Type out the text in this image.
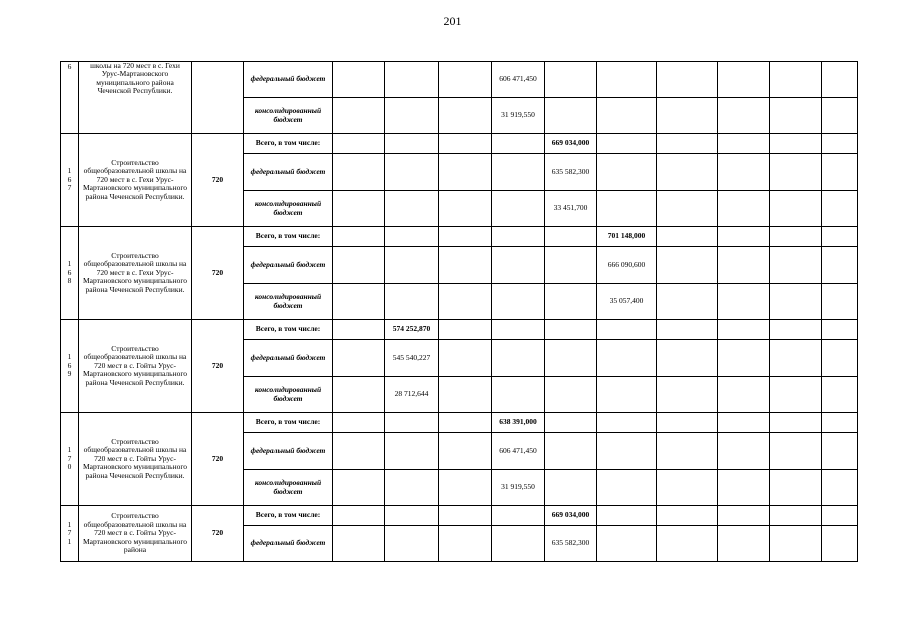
201
6	школы на 720 мест в с. Гехи Урус-Мартановского муниципального района Чеченской Республики.		федеральный бюджет				606 471,450						
			консолидированный бюджет				31 919,550						

1
6
7	Строительство общеобразовательной школы на 720 мест в с. Гехи Урус-Мартановского муниципального района Чеченской Республики.	720	Всего, в том числе:					669 034,000					
			федеральный бюджет					635 582,300					
			консолидированный бюджет					33 451,700					

1
6
8	Строительство общеобразовательной школы на 720 мест в с. Гехи Урус-Мартановского муниципального района Чеченской Республики.	720	Всего, в том числе:						701 148,000				
			федеральный бюджет						666 090,600				
			консолидированный бюджет						35 057,400				

1
6
9	Строительство общеобразовательной школы на 720 мест в с. Гойты Урус-Мартановского муниципального района Чеченской Республики.	720	Всего, в том числе:		574 252,870								
			федеральный бюджет		545 540,227								
			консолидированный бюджет		28 712,644								

1
7
0	Строительство общеобразовательной школы на 720 мест в с. Гойты Урус-Мартановского муниципального района Чеченской Республики.	720	Всего, в том числе:				638 391,000						
			федеральный бюджет				606 471,450						
			консолидированный бюджет				31 919,550						

1
7
1	Строительство общеобразовательной школы на 720 мест в с. Гойты Урус-Мартановского муниципального района	720	Всего, в том числе:					669 034,000					
			федеральный бюджет					635 582,300					
